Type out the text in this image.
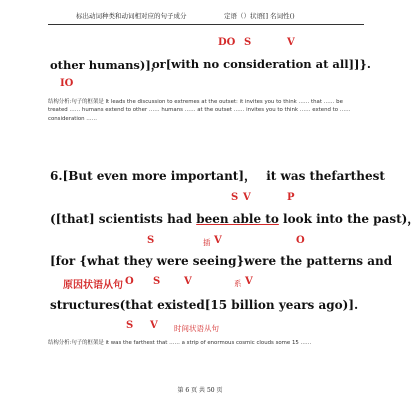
标出动词种类和动词相对应的句子成分	定语（）状语[] 名词性()
DO S	V
other humans)]，
or[with no consideration at all]]}.
IO
结构分析:句子的框架是 It leads the discussion to extremes at the outset: it invites you to think …… that …… be treated …… humans extend to other …… humans …… at the outset …… invites you to think …… extend to …… consideration ……
6.[But even more important]， it was thefarthest
S V	P
([that] scientists had been able to look into the past)，
S	插 V	O
[for {what they were seeing}were the patterns and
原因状语从句 O S V	系 V
structures(that existed[15 billion years ago)].
S V 时间状语从句
结构分析:句子的框架是 it was the farthest that …… a strip of enormous cosmic clouds some 15 ……
第 6 页 共 50 页
